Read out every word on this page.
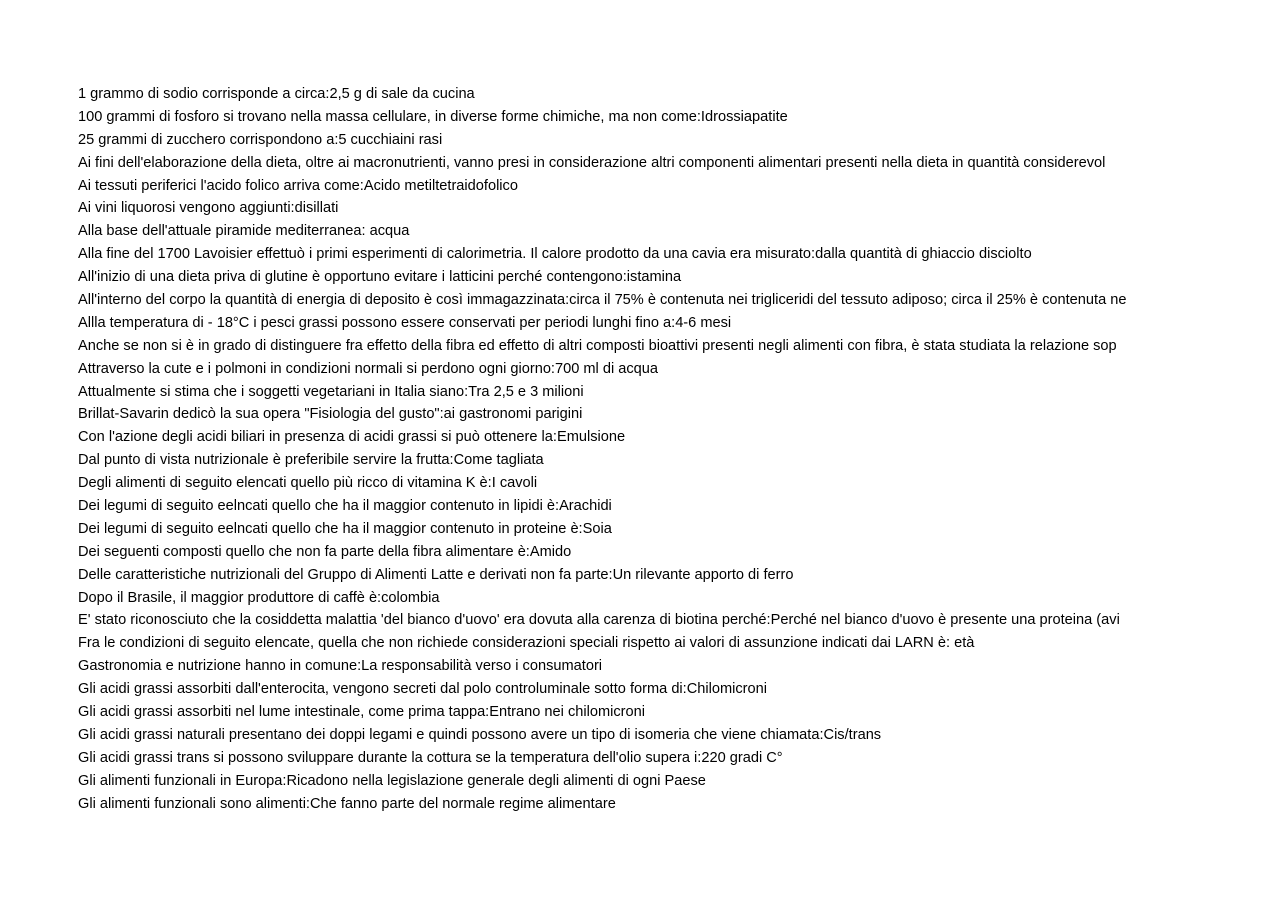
1 grammo di sodio corrisponde a circa:2,5 g di sale da cucina
100 grammi di fosforo si trovano nella massa cellulare, in diverse forme chimiche, ma non come:Idrossiapatite
25 grammi di zucchero corrispondono a:5 cucchiaini rasi
Ai fini dell'elaborazione della dieta, oltre ai macronutrienti, vanno presi in considerazione altri componenti alimentari presenti nella dieta in quantità considerevol
Ai tessuti periferici l'acido folico arriva come:Acido metiltetraidofolico
Ai vini liquorosi vengono aggiunti:disillati
Alla base dell'attuale piramide mediterranea: acqua
Alla fine del 1700 Lavoisier effettuò i primi esperimenti di calorimetria. Il calore prodotto da una cavia era misurato:dalla quantità di ghiaccio disciolto
All'inizio di una dieta priva di glutine è opportuno evitare i latticini perché contengono:istamina
All'interno del corpo la quantità di energia di deposito è così immagazzinata:circa il 75% è contenuta nei trigliceridi del tessuto adiposo; circa il 25% è contenuta ne
Allla temperatura di - 18°C i pesci grassi possono essere conservati per periodi lunghi fino a:4-6 mesi
Anche se non si è in grado di distinguere fra effetto della fibra ed effetto di altri composti bioattivi presenti negli alimenti con fibra, è stata studiata la relazione sop
Attraverso la cute e i polmoni in condizioni normali si perdono ogni giorno:700 ml di acqua
Attualmente si stima che i soggetti vegetariani in Italia siano:Tra 2,5 e 3 milioni
Brillat-Savarin dedicò la sua opera "Fisiologia del gusto":ai gastronomi parigini
Con l'azione degli acidi biliari in presenza di acidi grassi si può ottenere la:Emulsione
Dal punto di vista nutrizionale è preferibile servire la frutta:Come tagliata
Degli alimenti di seguito elencati quello più ricco di vitamina K è:I cavoli
Dei legumi di seguito eelncati quello che ha il maggior contenuto in lipidi è:Arachidi
Dei legumi di seguito eelncati quello che ha il maggior contenuto in proteine è:Soia
Dei seguenti composti quello che non fa parte della fibra alimentare è:Amido
Delle caratteristiche nutrizionali del Gruppo di Alimenti Latte e derivati non fa parte:Un rilevante apporto di ferro
Dopo il Brasile, il maggior produttore di caffè è:colombia
E' stato riconosciuto che la cosiddetta malattia 'del bianco d'uovo' era dovuta alla carenza di biotina perché:Perché nel bianco d'uovo è presente una proteina (avi
Fra le condizioni di seguito elencate, quella che non richiede considerazioni speciali rispetto ai valori di assunzione indicati dai LARN è: età
Gastronomia e nutrizione hanno in comune:La responsabilità verso i consumatori
Gli acidi grassi assorbiti dall'enterocita, vengono secreti dal polo controluminale sotto forma di:Chilomicroni
Gli acidi grassi assorbiti nel lume intestinale, come prima tappa:Entrano nei chilomicroni
Gli acidi grassi naturali presentano dei doppi legami e quindi possono avere un tipo di isomeria che viene chiamata:Cis/trans
Gli acidi grassi trans si possono sviluppare durante la cottura se la temperatura dell'olio supera i:220 gradi C°
Gli alimenti funzionali in Europa:Ricadono nella legislazione generale degli alimenti di ogni Paese
Gli alimenti funzionali sono alimenti:Che fanno parte del normale regime alimentare
